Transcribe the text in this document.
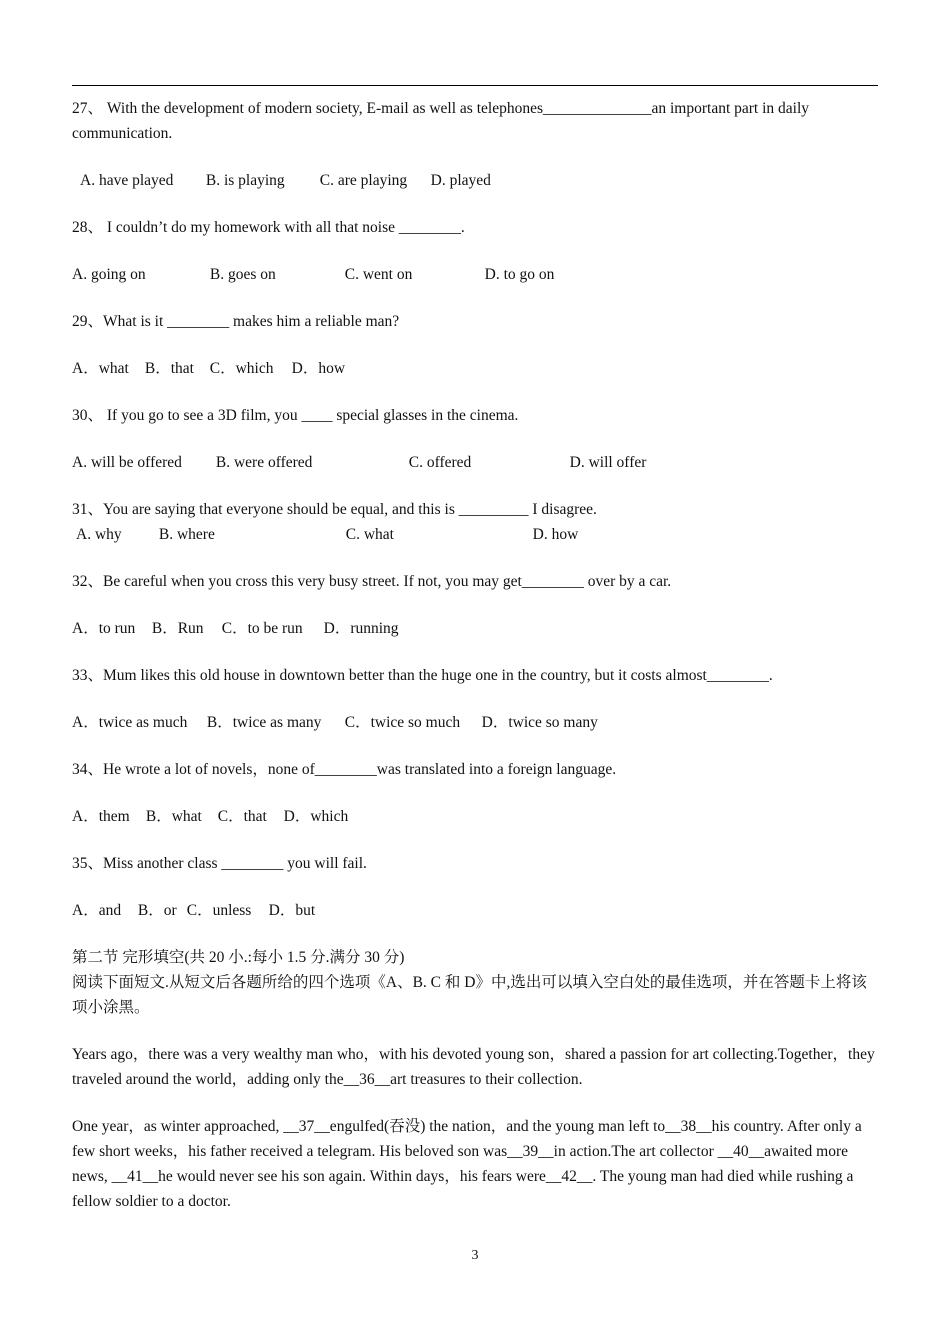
27、 With the development of modern society, E-mail as well as telephones______________an important part in daily communication.
A. have played B. is playing C. are playing D. played
28、 I couldn’t do my homework with all that noise ________.
A. going on	B. goes on	C. went on	D. to go on
29、What is it ________ makes him a reliable man?
A．what B．that C．which D．how
30、 If you go to see a 3D film, you ____ special glasses in the cinema.
A. will be offered B. were offered	C. offered	D. will offer
31、You are saying that everyone should be equal, and this is _________ I disagree.
A. why B. where	C. what	D. how
32、Be careful when you cross this very busy street. If not, you may get________ over by a car.
A．to run B．Run C．to be run D．running
33、Mum likes this old house in downtown better than the huge one in the country, but it costs almost________.
A．twice as much B．twice as many C．twice so much D．twice so many
34、He wrote a lot of novels，none of________was translated into a foreign language.
A．them B．what C．that D．which
35、Miss another class ________ you will fail.
A．and B．or C．unless D．but
第二节 完形填空(共 20 小.:每小 1.5 分.满分 30 分)
阅读下面短文.从短文后各题所给的四个选项《A、B. C 和 D》中,选出可以填入空白处的最佳选项，并在答题卡上将该项小涂黑。
Years ago，there was a very wealthy man who，with his devoted young son，shared a passion for art collecting.Together，they traveled around the world，adding only the__36__art treasures to their collection.
One year，as winter approached, __37__engulfed(吞没) the nation，and the young man left to__38__his country. After only a few short weeks，his father received a telegram. His beloved son was__39__in action.The art collector __40__awaited more news, __41__he would never see his son again. Within days，his fears were__42__. The young man had died while rushing a fellow soldier to a doctor.
3
